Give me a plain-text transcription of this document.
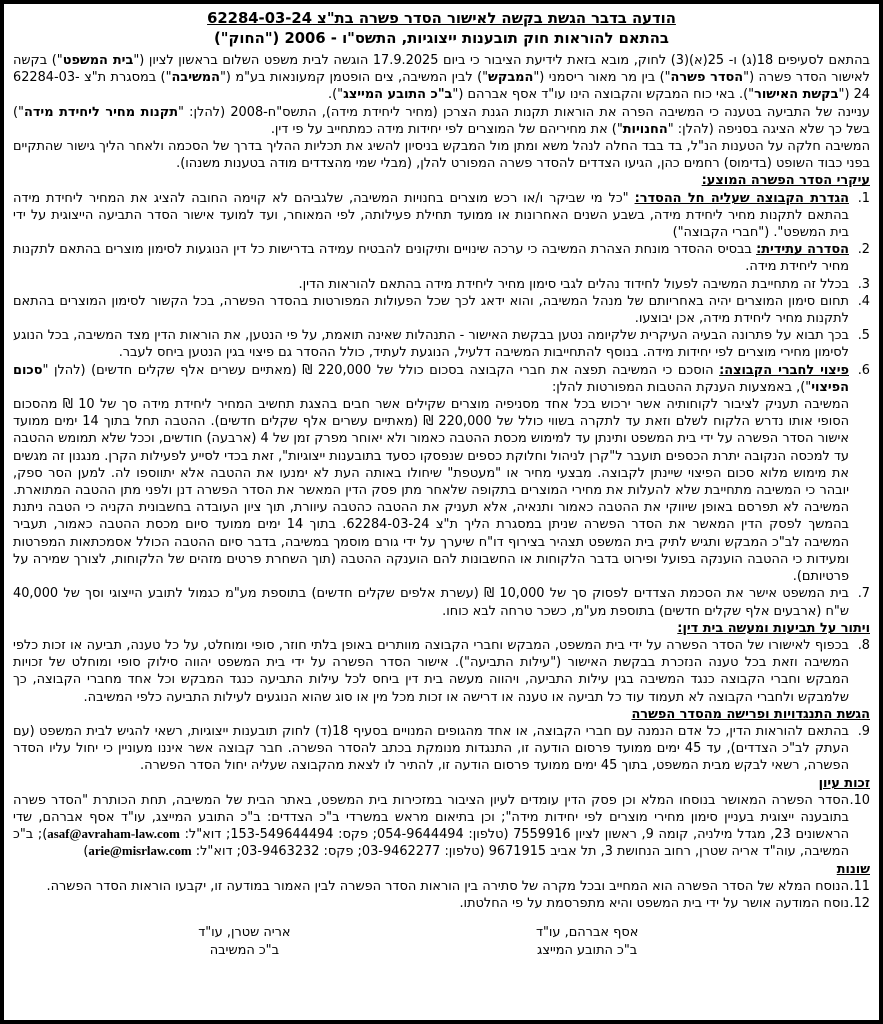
הודעה בדבר הגשת בקשה לאישור הסדר פשרה בת"צ 62284-03-24
בהתאם להוראות חוק תובענות ייצוגיות, התשס"ו - 2006 ("החוק")
בהתאם לסעיפים 18(ג) ו- 25(א)(3) לחוק, מובא בזאת לידיעת הציבור כי ביום 17.9.2025 הוגשה לבית משפט השלום בראשון לציון ("בית המשפט") בקשה לאישור הסדר פשרה ("הסדר פשרה") בין מר מאור ריסמני ("המבקש") לבין המשיבה, צים הופטמן קמעונאות בע"מ ("המשיבה") במסגרת ת"צ 62284-03-24 ("בקשת האישור"). באי כוח המבקש והקבוצה הינו עו"ד אסף אברהם ("ב"כ התובע המייצג").
עניינה של התביעה בטענה כי המשיבה הפרה את הוראות תקנות הגנת הצרכן (מחיר ליחידת מידה), התשס"ח-2008 (להלן: "תקנות מחיר ליחידת מידה") בשל כך שלא הציגה בסניפה (להלן: "החנויות") את מחיריהם של המוצרים לפי יחידות מידה כמתחייב על פי דין.
המשיבה חלקה על הטענות הנ"ל, בד בבד החלה לנהל משא ומתן מול המבקש בניסיון להשיג את תכליות ההליך בדרך של הסכמה ולאחר הליך גישור שהתקיים בפני כבוד השופט (בדימוס) רחמים כהן, הגיעו הצדדים להסדר פשרה המפורט להלן, (מבלי שמי מהצדדים מודה בטענות משנהו).
עיקרי הסדר הפשרה המוצע:
1.
הגדרת הקבוצה שעליה חל ההסדר: "כל מי שביקר ו/או רכש מוצרים בחנויות המשיבה, שלגביהם לא קוימה החובה להציג את המחיר ליחידת מידה בהתאם לתקנות מחיר ליחידת מידה, בשבע השנים האחרונות או ממועד תחילת פעילותה, לפי המאוחר, ועד למועד אישור הסדר התביעה הייצוגית על ידי בית המשפט". ("חברי הקבוצה")
2.
הסדרה עתידית: בבסיס ההסדר מונחת הצהרת המשיבה כי ערכה שינויים ותיקונים להבטיח עמידה בדרישות כל דין הנוגעות לסימון מוצרים בהתאם לתקנות מחיר ליחידת מידה.
3.
בכלל זה מתחייבת המשיבה לפעול לחידוד נהלים לגבי סימון מחיר ליחידת מידה בהתאם להוראות הדין.
4.
תחום סימון המוצרים יהיה באחריותם של מנהל המשיבה, והוא ידאג לכך שכל הפעולות המפורטות בהסדר הפשרה, בכל הקשור לסימון המוצרים בהתאם לתקנות מחיר ליחידת מידה, אכן יבוצעו.
5.
בכך תבוא על פתרונה הבעיה העיקרית שלקיומה נטען בבקשת האישור - התנהלות שאינה תואמת, על פי הנטען, את הוראות הדין מצד המשיבה, בכל הנוגע לסימון מחירי מוצרים לפי יחידות מידה. בנוסף להתחייבות המשיבה דלעיל, הנוגעת לעתיד, כולל ההסדר גם פיצוי בגין הנטען ביחס לעבר.
6.
פיצוי לחברי הקבוצה: הוסכם כי המשיבה תפצה את חברי הקבוצה בסכום כולל של 220,000 ₪ (מאתיים עשרים אלף שקלים חדשים) (להלן "סכום הפיצוי"), באמצעות הענקת ההטבות המפורטות להלן:
המשיבה תעניק לציבור לקוחותיה אשר ירכוש בכל אחד מסניפיה מוצרים שקילים אשר חבים בהצגת תחשיב המחיר ליחידת מידה סך של 10 ₪ מהסכום הסופי אותו נדרש הלקוח לשלם וזאת עד לתקרה בשווי כולל של 220,000 ₪ (מאתיים עשרים אלף שקלים חדשים). ההטבה תחל בתוך 14 ימים ממועד אישור הסדר הפשרה על ידי בית המשפט ותינתן עד למימוש מכסת ההטבה כאמור ולא יאוחר מפרק זמן של 4 (ארבעה) חודשים, וככל שלא תמומש ההטבה עד למכסה הנקובה יתרת הכספים תועבר ל"קרן לניהול וחלוקת כספים שנפסקו כסעד בתובענות ייצוגיות", זאת בכדי לסייע לפעילות הקרן. מנגנון זה מגשים את מימוש מלוא סכום הפיצוי שיינתן לקבוצה. מבצעי מחיר או "מעטפת" שיחולו באותה העת לא ימנעו את ההטבה אלא יתווספו לה. למען הסר ספק, יובהר כי המשיבה מתחייבת שלא להעלות את מחירי המוצרים בתקופה שלאחר מתן פסק הדין המאשר את הסדר הפשרה דנן ולפני מתן ההטבה המתוארת. המשיבה לא תפרסם באופן שיווקי את ההטבה כאמור ותנאיה, אלא תעניק את ההטבה כהטבה עיוורת, תוך ציון העובדה בחשבונית הקניה כי הטבה ניתנת בהמשך לפסק הדין המאשר את הסדר הפשרה שניתן במסגרת הליך ת"צ 62284-03-24. בתוך 14 ימים ממועד סיום מכסת ההטבה כאמור, תעביר המשיבה לב"כ המבקש ותגיש לתיק בית המשפט תצהיר בצירוף דו"ח שיערך על ידי גורם מוסמך במשיבה, בדבר סיום ההטבה הכולל אסמכתאות המפרטות ומעידות כי ההטבה הוענקה בפועל ופירוט בדבר הלקוחות או החשבונות להם הוענקה ההטבה (תוך השחרת פרטים מזהים של הלקוחות, לצורך שמירה על פרטיותם).
7.
בית המשפט אישר את הסכמת הצדדים לפסוק סך של 10,000 ₪ (עשרת אלפים שקלים חדשים) בתוספת מע"מ כגמול לתובע הייצוגי וסך של 40,000 ש"ח (ארבעים אלף שקלים חדשים) בתוספת מע"מ, כשכר טרחה לבא כוחו.
ויתור על תביעות ומעשה בית דין:
8.
בכפוף לאישורו של הסדר הפשרה על ידי בית המשפט, המבקש וחברי הקבוצה מוותרים באופן בלתי חוזר, סופי ומוחלט, על כל טענה, תביעה או זכות כלפי המשיבה וזאת בכל טענה הנזכרת בבקשת האישור ("עילות התביעה"). אישור הסדר הפשרה על ידי בית המשפט יהווה סילוק סופי ומוחלט של זכויות המבקש וחברי הקבוצה כנגד המשיבה בגין עילות התביעה, ויהווה מעשה בית דין ביחס לכל עילות התביעה כנגד המבקש וכל אחד מחברי הקבוצה, כך שלמבקש ולחברי הקבוצה לא תעמוד עוד כל תביעה או טענה או דרישה או זכות מכל מין או סוג שהוא הנוגעים לעילות התביעה כלפי המשיבה.
הגשת התנגדויות ופרישה מהסדר הפשרה
9.
בהתאם להוראות הדין, כל אדם הנמנה עם חברי הקבוצה, או אחד מהגופים המנויים בסעיף 18(ד) לחוק תובענות ייצוגיות, רשאי להגיש לבית המשפט (עם העתק לב"כ הצדדים), עד 45 ימים ממועד פרסום הודעה זו, התנגדות מנומקת בכתב להסדר הפשרה. חבר קבוצה אשר איננו מעוניין כי יחול עליו הסדר הפשרה, רשאי לבקש מבית המשפט, בתוך 45 ימים ממועד פרסום הודעה זו, להתיר לו לצאת מהקבוצה שעליה יחול הסדר הפשרה.
זכות עיון
10.
הסדר הפשרה המאושר בנוסחו המלא וכן פסק הדין עומדים לעיון הציבור במזכירות בית המשפט, באתר הבית של המשיבה, תחת הכותרת "הסדר פשרה בתובענה ייצוגית בעניין סימון מחירי מוצרים לפי יחידות מידה"; וכן בתיאום מראש במשרדי ב"כ הצדדים: ב"כ התובע המייצג, עו"ד אסף אברהם, שדי הראשונים 23, מגדל מילניה, קומה 9, ראשון לציון 7559916 (טלפון: 054-9644494; פקס: 153-549644494; דוא"ל: asaf@avraham-law.com); ב"כ המשיבה, עוה"ד אריה שטרן, רחוב הנחושת 3, תל אביב 9671915 (טלפון: 03-9462277; פקס: 03-9463232; דוא"ל: arie@misrlaw.com)
שונות
11.
הנוסח המלא של הסדר הפשרה הוא המחייב ובכל מקרה של סתירה בין הוראות הסדר הפשרה לבין האמור במודעה זו, יקבעו הוראות הסדר הפשרה.
12.
נוסח המודעה אושר על ידי בית המשפט והיא מתפרסמת על פי החלטתו.
אריה שטרן, עו"ד
ב"כ המשיבה
אסף אברהם, עו"ד
ב"כ התובע המייצג
